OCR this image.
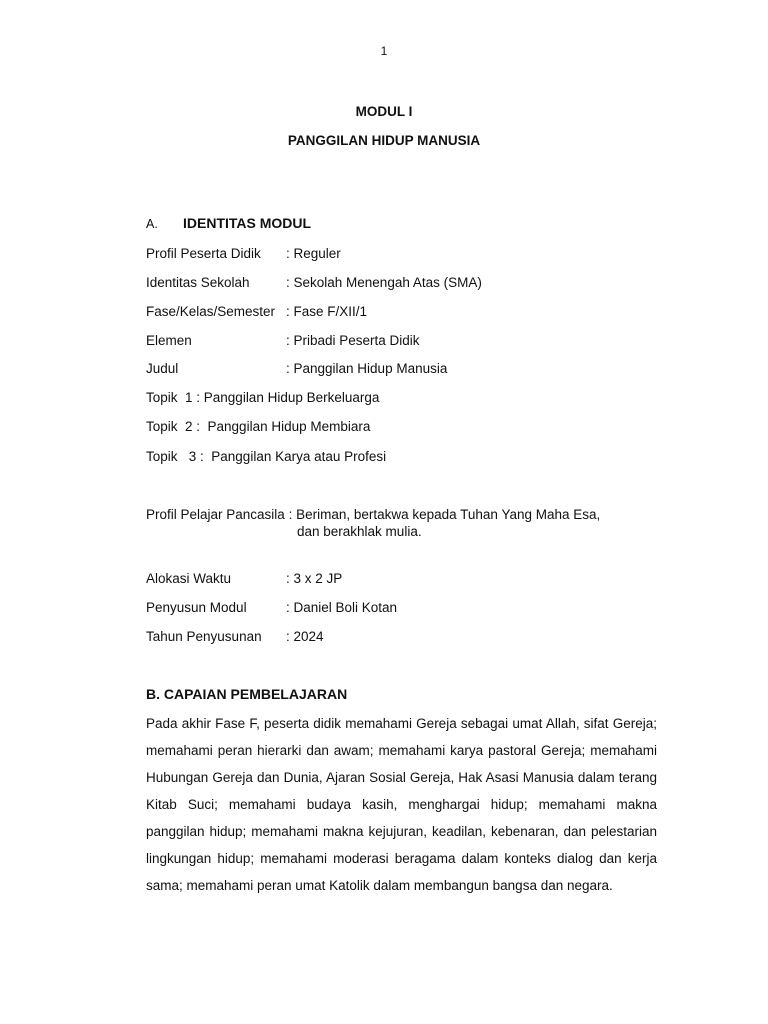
1
MODUL I
PANGGILAN HIDUP MANUSIA
A. IDENTITAS MODUL
Profil Peserta Didik : Reguler
Identitas Sekolah	: Sekolah Menengah Atas (SMA)
Fase/Kelas/Semester : Fase F/XII/1
Elemen	: Pribadi Peserta Didik
Judul	: Panggilan Hidup Manusia
Topik  1 : Panggilan Hidup Berkeluarga
Topik  2 :  Panggilan Hidup Membiara
Topik   3 :  Panggilan Karya atau Profesi
Profil Pelajar Pancasila : Beriman, bertakwa kepada Tuhan Yang Maha Esa,
dan berakhlak mulia.
Alokasi Waktu	: 3 x 2 JP
Penyusun Modul	: Daniel Boli Kotan
Tahun Penyusunan : 2024
B. CAPAIAN PEMBELAJARAN
Pada akhir Fase F, peserta didik memahami Gereja sebagai umat Allah, sifat Gereja; memahami peran hierarki dan awam; memahami karya pastoral Gereja; memahami Hubungan Gereja dan Dunia, Ajaran Sosial Gereja, Hak Asasi Manusia dalam terang Kitab Suci; memahami budaya kasih, menghargai hidup; memahami makna panggilan hidup; memahami makna kejujuran, keadilan, kebenaran, dan pelestarian lingkungan hidup; memahami moderasi beragama dalam konteks dialog dan kerja sama; memahami peran umat Katolik dalam membangun bangsa dan negara.
